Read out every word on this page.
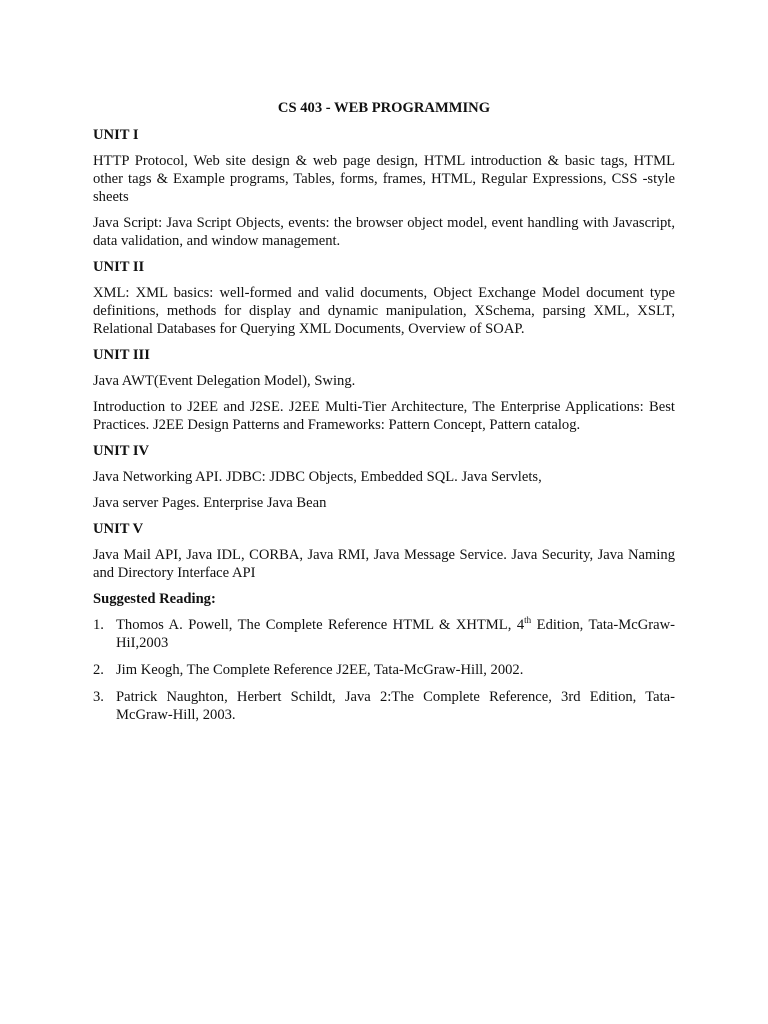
CS 403 - WEB PROGRAMMING
UNIT I
HTTP Protocol, Web site design & web page design, HTML introduction & basic tags, HTML other tags & Example programs, Tables, forms, frames, HTML, Regular Expressions, CSS -style sheets
Java Script: Java Script Objects, events: the browser object model, event handling with Javascript, data validation, and window management.
UNIT II
XML: XML basics: well-formed and valid documents, Object Exchange Model document type definitions, methods for display and dynamic manipulation, XSchema, parsing XML, XSLT, Relational Databases for Querying XML Documents, Overview of SOAP.
UNIT III
Java AWT(Event Delegation Model), Swing.
Introduction to J2EE and J2SE. J2EE Multi-Tier Architecture, The Enterprise Applications: Best Practices. J2EE Design Patterns and Frameworks: Pattern Concept, Pattern catalog.
UNIT IV
Java Networking API. JDBC: JDBC Objects, Embedded SQL. Java Servlets,
Java server Pages. Enterprise Java Bean
UNIT V
Java Mail API, Java IDL, CORBA, Java RMI, Java Message Service. Java Security, Java Naming and Directory Interface API
Suggested Reading:
1. Thomos A. Powell, The Complete Reference HTML & XHTML, 4th Edition, Tata-McGraw-HiI,2003
2. Jim Keogh, The Complete Reference J2EE, Tata-McGraw-Hill, 2002.
3. Patrick Naughton, Herbert Schildt, Java 2:The Complete Reference, 3rd Edition, Tata-McGraw-Hill, 2003.
